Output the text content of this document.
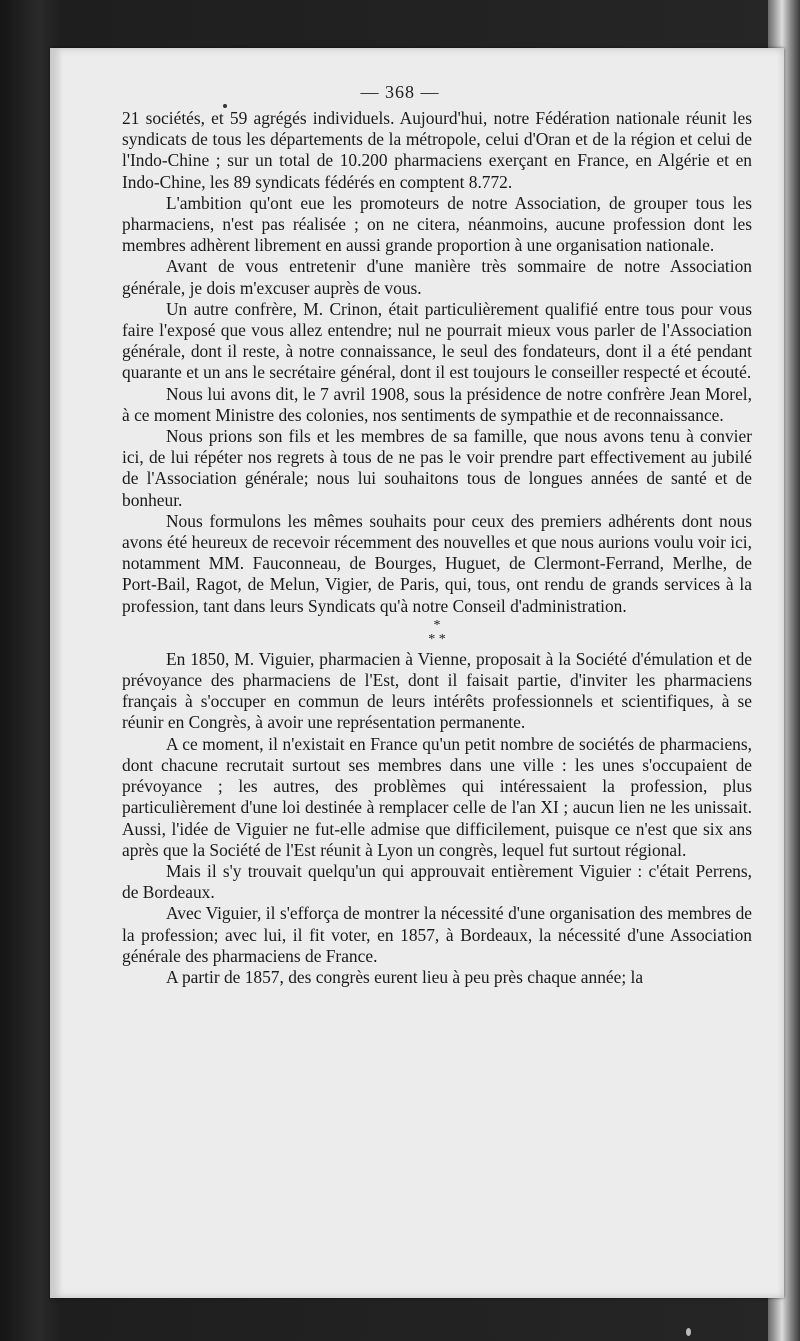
— 368 —

21 sociétés, et 59 agrégés individuels. Aujourd'hui, notre Fédération nationale réunit les syndicats de tous les départements de la métropole, celui d'Oran et de la région et celui de l'Indo-Chine ; sur un total de 10.200 pharmaciens exerçant en France, en Algérie et en Indo-Chine, les 89 syndicats fédérés en comptent 8.772.

L'ambition qu'ont eue les promoteurs de notre Association, de grouper tous les pharmaciens, n'est pas réalisée ; on ne citera, néanmoins, aucune profession dont les membres adhèrent librement en aussi grande proportion à une organisation nationale.

Avant de vous entretenir d'une manière très sommaire de notre Association générale, je dois m'excuser auprès de vous.

Un autre confrère, M. Crinon, était particulièrement qualifié entre tous pour vous faire l'exposé que vous allez entendre; nul ne pourrait mieux vous parler de l'Association générale, dont il reste, à notre connaissance, le seul des fondateurs, dont il a été pendant quarante et un ans le secrétaire général, dont il est toujours le conseiller respecté et écouté.

Nous lui avons dit, le 7 avril 1908, sous la présidence de notre confrère Jean Morel, à ce moment Ministre des colonies, nos sentiments de sympathie et de reconnaissance.

Nous prions son fils et les membres de sa famille, que nous avons tenu à convier ici, de lui répéter nos regrets à tous de ne pas le voir prendre part effectivement au jubilé de l'Association générale; nous lui souhaitons tous de longues années de santé et de bonheur.

Nous formulons les mêmes souhaits pour ceux des premiers adhérents dont nous avons été heureux de recevoir récemment des nouvelles et que nous aurions voulu voir ici, notamment MM. Fauconneau, de Bourges, Huguet, de Clermont-Ferrand, Merlhe, de Port-Bail, Ragot, de Melun, Vigier, de Paris, qui, tous, ont rendu de grands services à la profession, tant dans leurs Syndicats qu'à notre Conseil d'administration.

*
* *

En 1850, M. Viguier, pharmacien à Vienne, proposait à la Société d'émulation et de prévoyance des pharmaciens de l'Est, dont il faisait partie, d'inviter les pharmaciens français à s'occuper en commun de leurs intérêts professionnels et scientifiques, à se réunir en Congrès, à avoir une représentation permanente.

A ce moment, il n'existait en France qu'un petit nombre de sociétés de pharmaciens, dont chacune recrutait surtout ses membres dans une ville : les unes s'occupaient de prévoyance ; les autres, des problèmes qui intéressaient la profession, plus particulièrement d'une loi destinée à remplacer celle de l'an XI ; aucun lien ne les unissait. Aussi, l'idée de Viguier ne fut-elle admise que difficilement, puisque ce n'est que six ans après que la Société de l'Est réunit à Lyon un congrès, lequel fut surtout régional.

Mais il s'y trouvait quelqu'un qui approuvait entièrement Viguier : c'était Perrens, de Bordeaux.

Avec Viguier, il s'efforça de montrer la nécessité d'une organisation des membres de la profession; avec lui, il fit voter, en 1857, à Bordeaux, la nécessité d'une Association générale des pharmaciens de France.

A partir de 1857, des congrès eurent lieu à peu près chaque année; la
